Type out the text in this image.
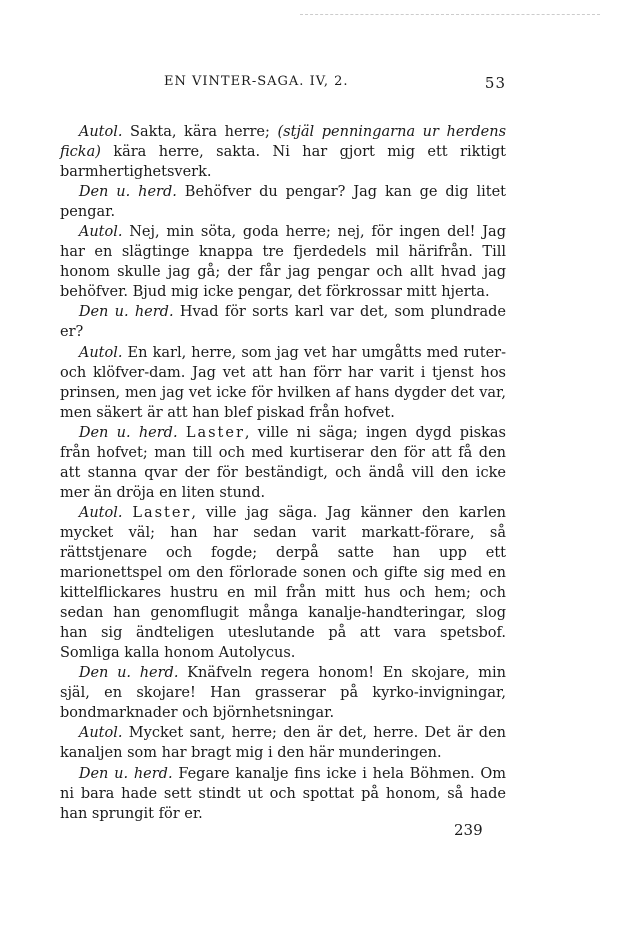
EN VINTER-SAGA. IV, 2.	53

Autol. Sakta, kära herre; (stjäl penningarna ur herdens ficka) kära herre, sakta. Ni har gjort mig ett riktigt barmhertighetsverk.

Den u. herd. Behöfver du pengar? Jag kan ge dig litet pengar.

Autol. Nej, min söta, goda herre; nej, för ingen del! Jag har en slägtinge knappa tre fjerdedels mil härifrån. Till honom skulle jag gå; der får jag pengar och allt hvad jag behöfver. Bjud mig icke pengar, det förkrossar mitt hjerta.

Den u. herd. Hvad för sorts karl var det, som plundrade er?

Autol. En karl, herre, som jag vet har umgåtts med ruter- och klöfver-dam. Jag vet att han förr har varit i tjenst hos prinsen, men jag vet icke för hvilken af hans dygder det var, men säkert är att han blef piskad från hofvet.

Den u. herd. Laster, ville ni säga; ingen dygd piskas från hofvet; man till och med kurtiserar den för att få den att stanna qvar der för beständigt, och ändå vill den icke mer än dröja en liten stund.

Autol. Laster, ville jag säga. Jag känner den karlen mycket väl; han har sedan varit markatt-förare, så rättstjenare och fogde; derpå satte han upp ett marionettspel om den förlorade sonen och gifte sig med en kittelflickares hustru en mil från mitt hus och hem; och sedan han genomflugit många kanalje-handteringar, slog han sig ändteligen uteslutande på att vara spetsbof. Somliga kalla honom Autolycus.

Den u. herd. Knäfveln regera honom! En skojare, min själ, en skojare! Han grasserar på kyrko-invigningar, bondmarknader och björnhetsningar.

Autol. Mycket sant, herre; den är det, herre. Det är den kanaljen som har bragt mig i den här munderingen.

Den u. herd. Fegare kanalje fins icke i hela Böhmen. Om ni bara hade sett stindt ut och spottat på honom, så hade han sprungit för er.

239
